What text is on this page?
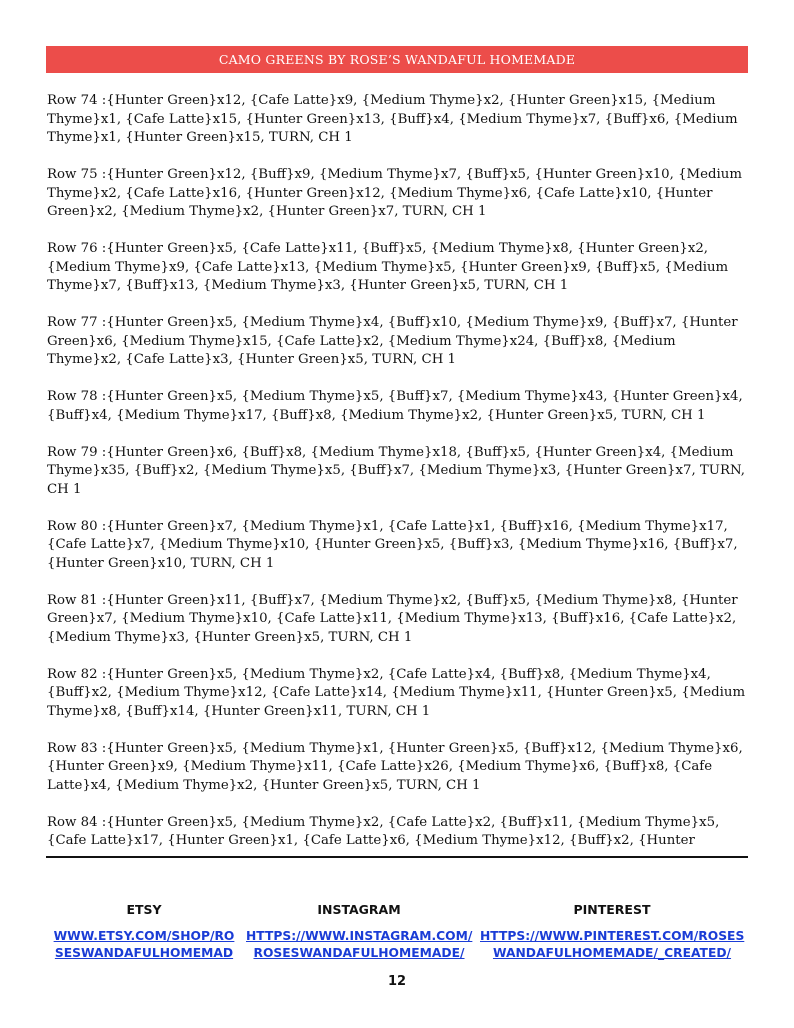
CAMO GREENS BY ROSE’S WANDAFUL HOMEMADE

Row 74 :{Hunter Green}x12, {Cafe Latte}x9, {Medium Thyme}x2, {Hunter Green}x15, {Medium Thyme}x1, {Cafe Latte}x15, {Hunter Green}x13, {Buff}x4, {Medium Thyme}x7, {Buff}x6, {Medium Thyme}x1, {Hunter Green}x15, TURN, CH 1

Row 75 :{Hunter Green}x12, {Buff}x9, {Medium Thyme}x7, {Buff}x5, {Hunter Green}x10, {Medium Thyme}x2, {Cafe Latte}x16, {Hunter Green}x12, {Medium Thyme}x6, {Cafe Latte}x10, {Hunter Green}x2, {Medium Thyme}x2, {Hunter Green}x7, TURN, CH 1

Row 76 :{Hunter Green}x5, {Cafe Latte}x11, {Buff}x5, {Medium Thyme}x8, {Hunter Green}x2, {Medium Thyme}x9, {Cafe Latte}x13, {Medium Thyme}x5, {Hunter Green}x9, {Buff}x5, {Medium Thyme}x7, {Buff}x13, {Medium Thyme}x3, {Hunter Green}x5, TURN, CH 1

Row 77 :{Hunter Green}x5, {Medium Thyme}x4, {Buff}x10, {Medium Thyme}x9, {Buff}x7, {Hunter Green}x6, {Medium Thyme}x15, {Cafe Latte}x2, {Medium Thyme}x24, {Buff}x8, {Medium Thyme}x2, {Cafe Latte}x3, {Hunter Green}x5, TURN, CH 1

Row 78 :{Hunter Green}x5, {Medium Thyme}x5, {Buff}x7, {Medium Thyme}x43, {Hunter Green}x4, {Buff}x4, {Medium Thyme}x17, {Buff}x8, {Medium Thyme}x2, {Hunter Green}x5, TURN, CH 1

Row 79 :{Hunter Green}x6, {Buff}x8, {Medium Thyme}x18, {Buff}x5, {Hunter Green}x4, {Medium Thyme}x35, {Buff}x2, {Medium Thyme}x5, {Buff}x7, {Medium Thyme}x3, {Hunter Green}x7, TURN, CH 1

Row 80 :{Hunter Green}x7, {Medium Thyme}x1, {Cafe Latte}x1, {Buff}x16, {Medium Thyme}x17, {Cafe Latte}x7, {Medium Thyme}x10, {Hunter Green}x5, {Buff}x3, {Medium Thyme}x16, {Buff}x7, {Hunter Green}x10, TURN, CH 1

Row 81 :{Hunter Green}x11, {Buff}x7, {Medium Thyme}x2, {Buff}x5, {Medium Thyme}x8, {Hunter Green}x7, {Medium Thyme}x10, {Cafe Latte}x11, {Medium Thyme}x13, {Buff}x16, {Cafe Latte}x2, {Medium Thyme}x3, {Hunter Green}x5, TURN, CH 1

Row 82 :{Hunter Green}x5, {Medium Thyme}x2, {Cafe Latte}x4, {Buff}x8, {Medium Thyme}x4, {Buff}x2, {Medium Thyme}x12, {Cafe Latte}x14, {Medium Thyme}x11, {Hunter Green}x5, {Medium Thyme}x8, {Buff}x14, {Hunter Green}x11, TURN, CH 1

Row 83 :{Hunter Green}x5, {Medium Thyme}x1, {Hunter Green}x5, {Buff}x12, {Medium Thyme}x6, {Hunter Green}x9, {Medium Thyme}x11, {Cafe Latte}x26, {Medium Thyme}x6, {Buff}x8, {Cafe Latte}x4, {Medium Thyme}x2, {Hunter Green}x5, TURN, CH 1

Row 84 :{Hunter Green}x5, {Medium Thyme}x2, {Cafe Latte}x2, {Buff}x11, {Medium Thyme}x5, {Cafe Latte}x17, {Hunter Green}x1, {Cafe Latte}x6, {Medium Thyme}x12, {Buff}x2, {Hunter

ETSY
WWW.ETSY.COM/SHOP/RO
SESWANDAFULHOMEMAD
INSTAGRAM
HTTPS://WWW.INSTAGRAM.COM/
ROSESWANDAFULHOMEMADE/
PINTEREST
HTTPS://WWW.PINTEREST.COM/ROSES
WANDAFULHOMEMADE/_CREATED/
12
